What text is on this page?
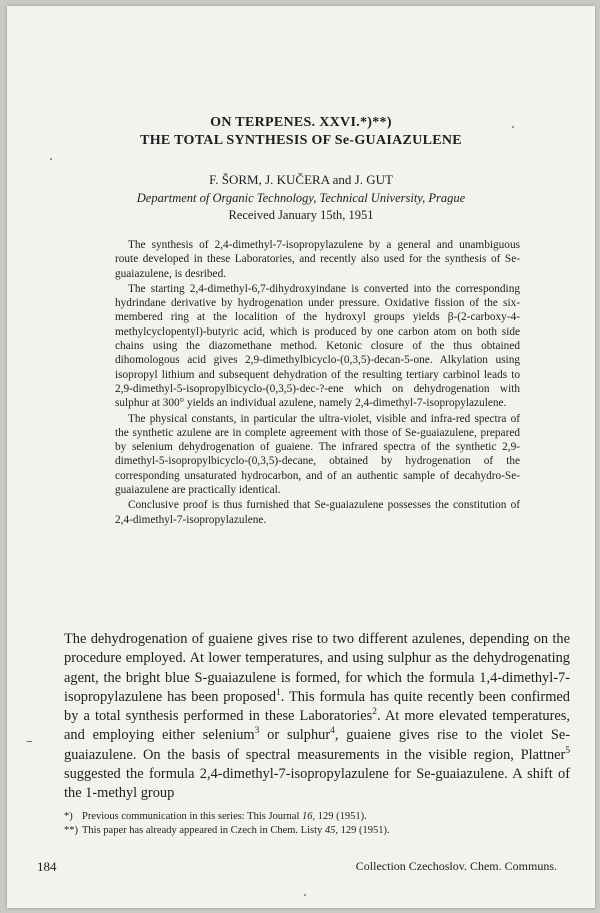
ON TERPENES. XXVI.*)**)
THE TOTAL SYNTHESIS OF Se-GUAIAZULENE
F. ŠORM, J. KUČERA and J. GUT
Department of Organic Technology, Technical University, Prague
Received January 15th, 1951

The synthesis of 2,4-dimethyl-7-isopropylazulene by a general and unambiguous route developed in these Laboratories, and recently also used for the synthesis of Se-guaiazulene, is desribed.

The starting 2,4-dimethyl-6,7-dihydroxyindane is converted into the corresponding hydrindane derivative by hydrogenation under pressure. Oxidative fission of the six-membered ring at the localition of the hydroxyl groups yields β-(2-carboxy-4-methylcyclopentyl)-butyric acid, which is produced by one carbon atom on both side chains using the diazomethane method. Ketonic closure of the thus obtained dihomologous acid gives 2,9-dimethylbicyclo-(0,3,5)-decan-5-one. Alkylation using isopropyl lithium and subsequent dehydration of the resulting tertiary carbinol leads to 2,9-dimethyl-5-isopropylbicyclo-(0,3,5)-dec-?-ene which on dehydrogenation with sulphur at 300° yields an individual azulene, namely 2,4-dimethyl-7-isopropylazulene.

The physical constants, in particular the ultra-violet, visible and infra-red spectra of the synthetic azulene are in complete agreement with those of Se-guaiazulene, prepared by selenium dehydrogenation of guaiene. The infrared spectra of the synthetic 2,9-dimethyl-5-isopropylbicyclo-(0,3,5)-decane, obtained by hydrogenation of the corresponding unsaturated hydrocarbon, and of an authentic sample of decahydro-Se-guaiazulene are practically identical.

Conclusive proof is thus furnished that Se-guaiazulene possesses the constitution of 2,4-dimethyl-7-isopropylazulene.

The dehydrogenation of guaiene gives rise to two different azulenes, depending on the procedure employed. At lower temperatures, and using sulphur as the dehydrogenating agent, the bright blue S-guaiazulene is formed, for which the formula 1,4-dimethyl-7-isopropylazulene has been proposed$^1$. This formula has quite recently been confirmed by a total synthesis performed in these Laboratories$^2$. At more elevated temperatures, and employing either selenium$^3$ or sulphur$^4$, guaiene gives rise to the violet Se-guaiazulene. On the basis of spectral measurements in the visible region, Plattner$^5$ suggested the formula 2,4-dimethyl-7-isopropylazulene for Se-guaiazulene. A shift of the 1-methyl group

*) Previous communication in this series: This Journal 16, 129 (1951).
**) This paper has already appeared in Czech in Chem. Listy 45, 129 (1951).
184	Collection Czechoslov. Chem. Communs.
–
